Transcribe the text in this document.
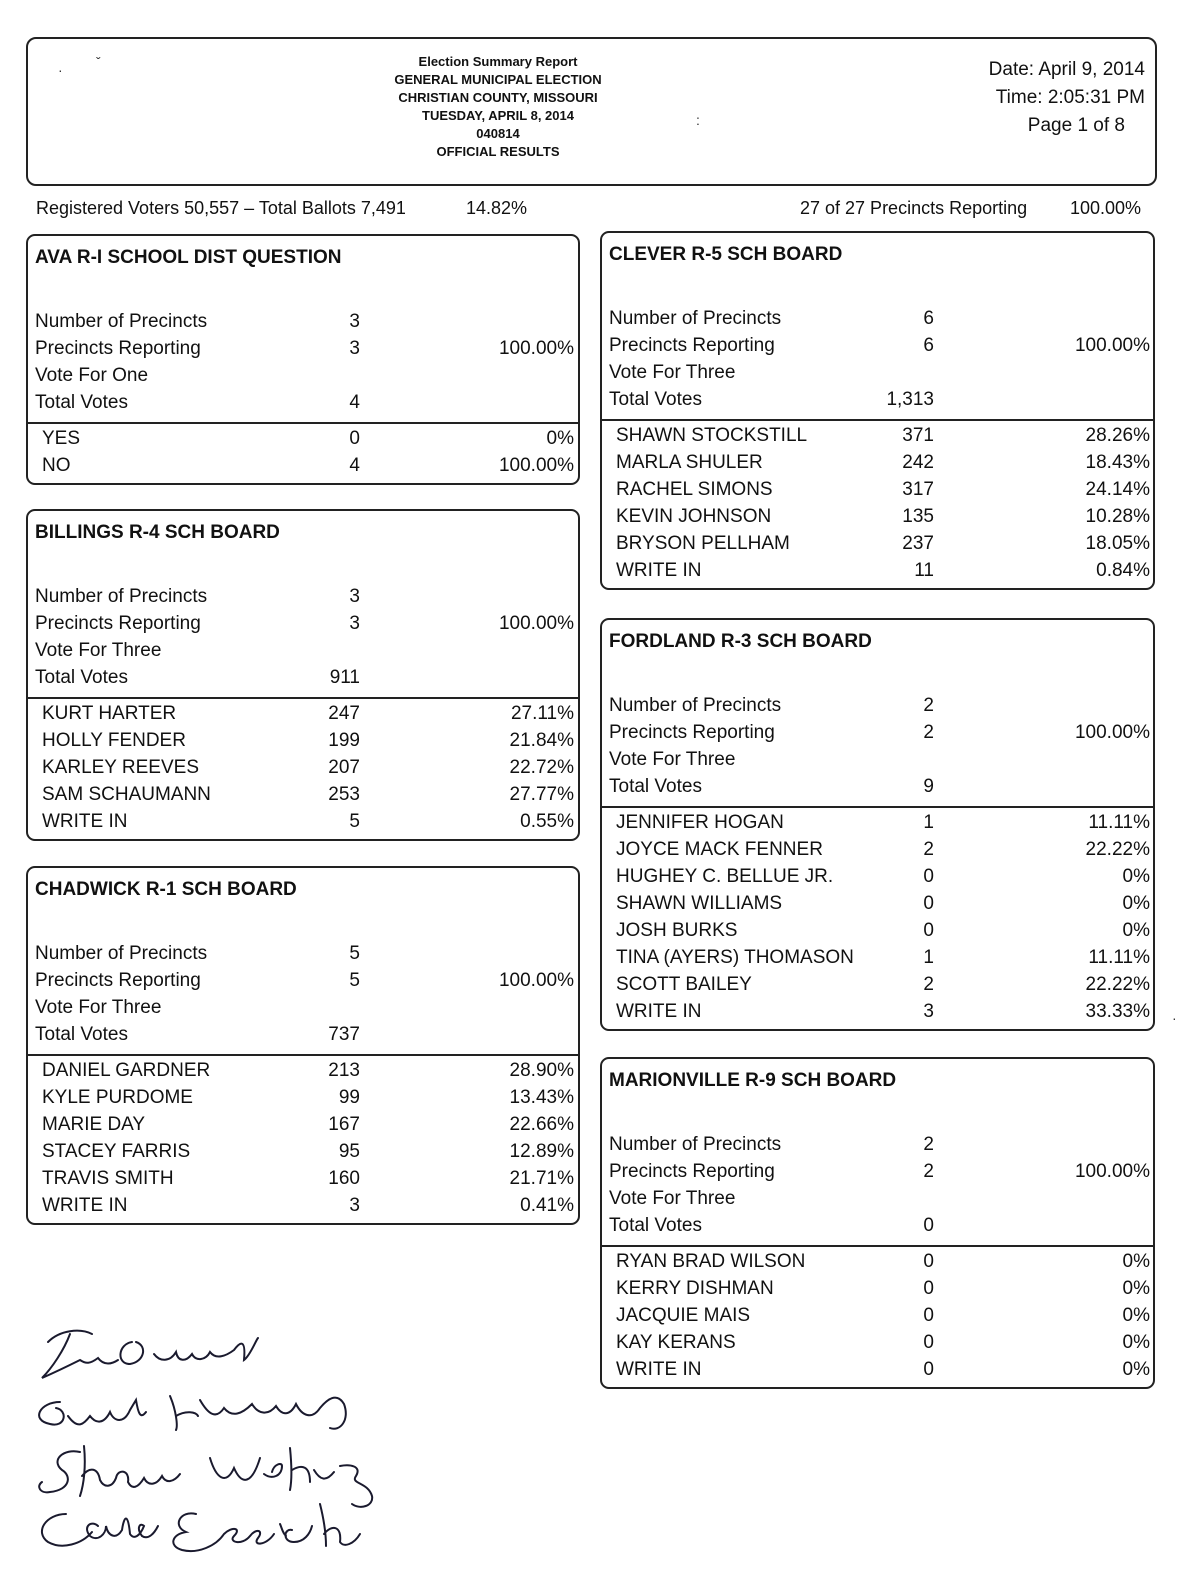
Election Summary Report
GENERAL MUNICIPAL ELECTION
CHRISTIAN COUNTY, MISSOURI
TUESDAY, APRIL 8, 2014
040814
OFFICIAL RESULTS
Date: April 9, 2014
Time: 2:05:31 PM
Page 1 of 8
Registered Voters 50,557 – Total Ballots 7,491	14.82%	27 of 27 Precincts Reporting 100.00%
AVA R-I SCHOOL DIST QUESTION
Number of Precincts	3
Precincts Reporting	3	100.00%
Vote For One
Total Votes	4
YES	0	0%
NO	4	100.00%
BILLINGS R-4 SCH BOARD
Number of Precincts	3
Precincts Reporting	3	100.00%
Vote For Three
Total Votes	911
KURT HARTER	247	27.11%
HOLLY FENDER	199	21.84%
KARLEY REEVES	207	22.72%
SAM SCHAUMANN	253	27.77%
WRITE IN	5	0.55%
CHADWICK R-1 SCH BOARD
Number of Precincts	5
Precincts Reporting	5	100.00%
Vote For Three
Total Votes	737
DANIEL GARDNER	213	28.90%
KYLE PURDOME	99	13.43%
MARIE DAY	167	22.66%
STACEY FARRIS	95	12.89%
TRAVIS SMITH	160	21.71%
WRITE IN	3	0.41%
CLEVER R-5 SCH BOARD
Number of Precincts	6
Precincts Reporting	6	100.00%
Vote For Three
Total Votes	1,313
SHAWN STOCKSTILL	371	28.26%
MARLA SHULER	242	18.43%
RACHEL SIMONS	317	24.14%
KEVIN JOHNSON	135	10.28%
BRYSON PELLHAM	237	18.05%
WRITE IN	11	0.84%
FORDLAND R-3 SCH BOARD
Number of Precincts	2
Precincts Reporting	2	100.00%
Vote For Three
Total Votes	9
JENNIFER HOGAN	1	11.11%
JOYCE MACK FENNER	2	22.22%
HUGHEY C. BELLUE JR.	0	0%
SHAWN WILLIAMS	0	0%
JOSH BURKS	0	0%
TINA (AYERS) THOMASON	1	11.11%
SCOTT BAILEY	2	22.22%
WRITE IN	3	33.33%
MARIONVILLE R-9 SCH BOARD
Number of Precincts	2
Precincts Reporting	2	100.00%
Vote For Three
Total Votes	0
RYAN BRAD WILSON	0	0%
KERRY DISHMAN	0	0%
JACQUIE MAIS	0	0%
KAY KERANS	0	0%
WRITE IN	0	0%
· ˇ
:
·
